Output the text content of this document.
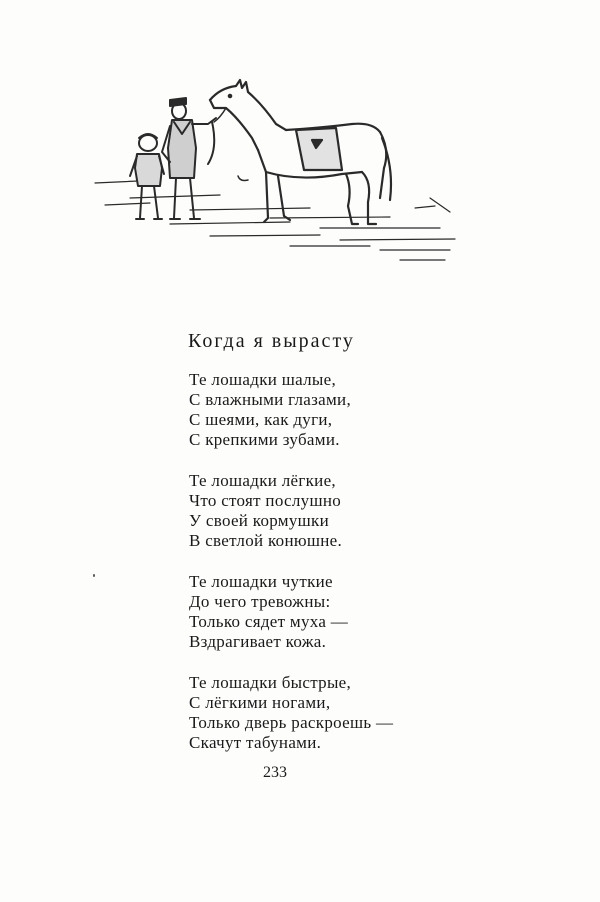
Когда я вырасту
Те лошадки шалые,
С влажными глазами,
С шеями, как дуги,
С крепкими зубами.
Те лошадки лёгкие,
Что стоят послушно
У своей кормушки
В светлой конюшне.
Те лошадки чуткие
До чего тревожны:
Только сядет муха —
Вздрагивает кожа.
Те лошадки быстрые,
С лёгкими ногами,
Только дверь раскроешь —
Скачут табунами.
233
